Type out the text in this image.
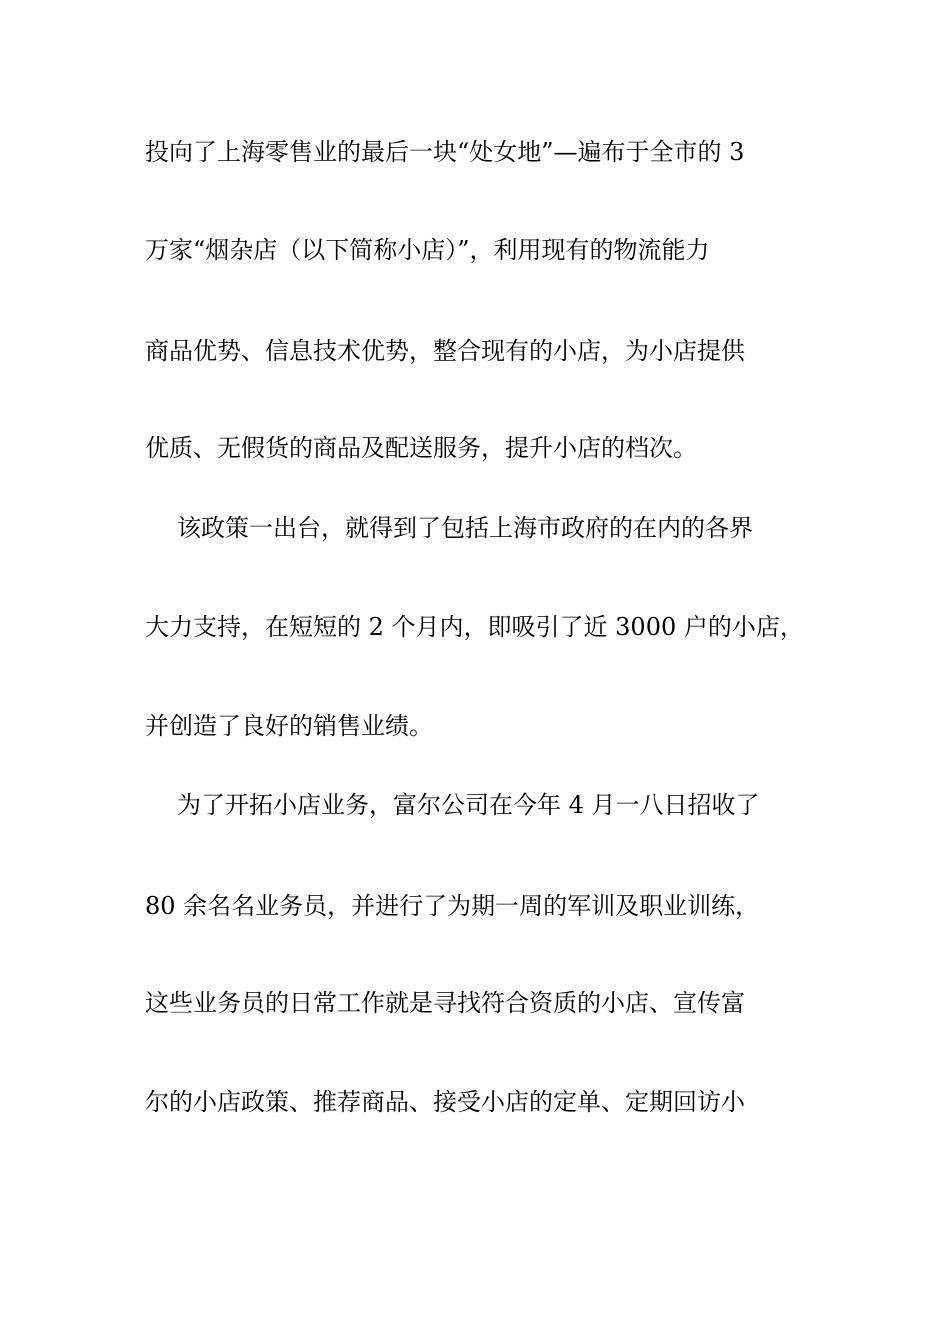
投向了上海零售业的最后一块“处女地”—遍布于全市的 3
万家“烟杂店（以下简称小店）”，利用现有的物流能力
商品优势、信息技术优势，整合现有的小店，为小店提供
优质、无假货的商品及配送服务，提升小店的档次。
该政策一出台，就得到了包括上海市政府的在内的各界
大力支持，在短短的 2 个月内，即吸引了近 3000 户的小店，
并创造了良好的销售业绩。
为了开拓小店业务，富尔公司在今年 4 月一八日招收了
80 余名名业务员，并进行了为期一周的军训及职业训练，
这些业务员的日常工作就是寻找符合资质的小店、宣传富
尔的小店政策、推荐商品、接受小店的定单、定期回访小
